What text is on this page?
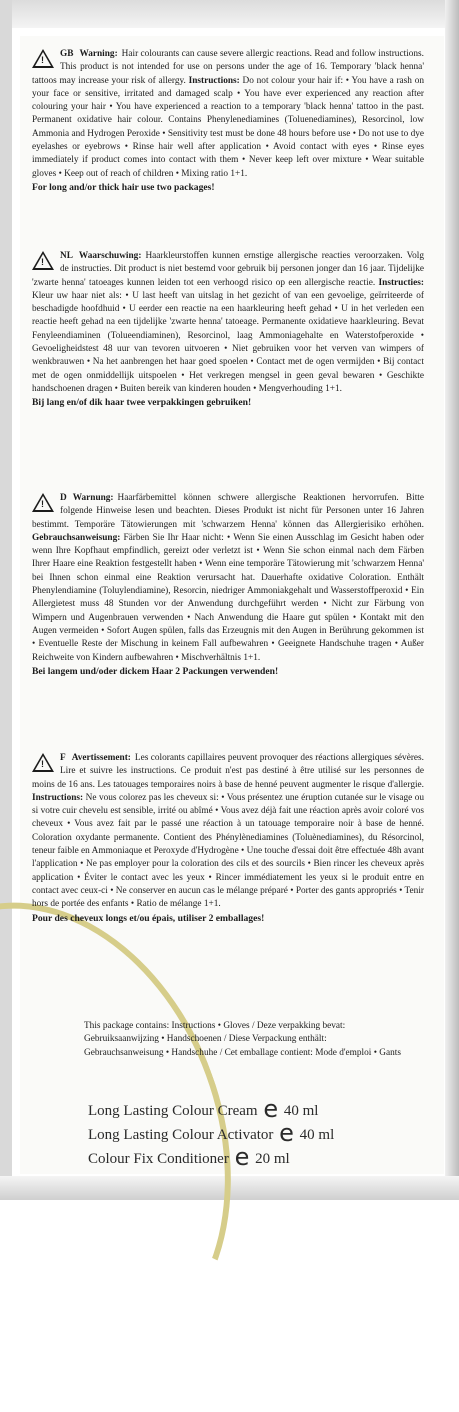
!
GB Warning: Hair colourants can cause severe allergic reactions. Read and follow instructions. This product is not intended for use on persons under the age of 16. Temporary 'black henna' tattoos may increase your risk of allergy. Instructions: Do not colour your hair if: • You have a rash on your face or sensitive, irritated and damaged scalp • You have ever experienced any reaction after colouring your hair • You have experienced a reaction to a temporary 'black henna' tattoo in the past. Permanent oxidative hair colour. Contains Phenylenediamines (Toluenediamines), Resorcinol, low Ammonia and Hydrogen Peroxide • Sensitivity test must be done 48 hours before use • Do not use to dye eyelashes or eyebrows • Rinse hair well after application • Avoid contact with eyes • Rinse eyes immediately if product comes into contact with them • Never keep left over mixture • Wear suitable gloves • Keep out of reach of children • Mixing ratio 1+1.
For long and/or thick hair use two packages!
!
NL Waarschuwing: Haarkleurstoffen kunnen ernstige allergische reacties veroorzaken. Volg de instructies. Dit product is niet bestemd voor gebruik bij personen jonger dan 16 jaar. Tijdelijke 'zwarte henna' tatoeages kunnen leiden tot een verhoogd risico op een allergische reactie. Instructies: Kleur uw haar niet als: • U last heeft van uitslag in het gezicht of van een gevoelige, geïrriteerde of beschadigde hoofdhuid • U eerder een reactie na een haarkleuring heeft gehad • U in het verleden een reactie heeft gehad na een tijdelijke 'zwarte henna' tatoeage. Permanente oxidatieve haarkleuring. Bevat Fenyleendiaminen (Tolueendiaminen), Resorcinol, laag Ammoniagehalte en Waterstofperoxide • Gevoeligheidstest 48 uur van tevoren uitvoeren • Niet gebruiken voor het verven van wimpers of wenkbrauwen • Na het aanbrengen het haar goed spoelen • Contact met de ogen vermijden • Bij contact met de ogen onmiddellijk uitspoelen • Het verkregen mengsel in geen geval bewaren • Geschikte handschoenen dragen • Buiten bereik van kinderen houden • Mengverhouding 1+1.
Bij lang en/of dik haar twee verpakkingen gebruiken!
!
D Warnung: Haarfärbemittel können schwere allergische Reaktionen hervorrufen. Bitte folgende Hinweise lesen und beachten. Dieses Produkt ist nicht für Personen unter 16 Jahren bestimmt. Temporäre Tätowierungen mit 'schwarzem Henna' können das Allergierisiko erhöhen. Gebrauchsanweisung: Färben Sie Ihr Haar nicht: • Wenn Sie einen Ausschlag im Gesicht haben oder wenn Ihre Kopfhaut empfindlich, gereizt oder verletzt ist • Wenn Sie schon einmal nach dem Färben Ihrer Haare eine Reaktion festgestellt haben • Wenn eine temporäre Tätowierung mit 'schwarzem Henna' bei Ihnen schon einmal eine Reaktion verursacht hat. Dauerhafte oxidative Coloration. Enthält Phenylendiamine (Toluylendiamine), Resorcin, niedriger Ammoniakgehalt und Wasserstoffperoxid • Ein Allergietest muss 48 Stunden vor der Anwendung durchgeführt werden • Nicht zur Färbung von Wimpern und Augenbrauen verwenden • Nach Anwendung die Haare gut spülen • Kontakt mit den Augen vermeiden • Sofort Augen spülen, falls das Erzeugnis mit den Augen in Berührung gekommen ist • Eventuelle Reste der Mischung in keinem Fall aufbewahren • Geeignete Handschuhe tragen • Außer Reichweite von Kindern aufbewahren • Mischverhältnis 1+1.
Bei langem und/oder dickem Haar 2 Packungen verwenden!
!
F Avertissement: Les colorants capillaires peuvent provoquer des réactions allergiques sévères. Lire et suivre les instructions. Ce produit n'est pas destiné à être utilisé sur les personnes de moins de 16 ans. Les tatouages temporaires noirs à base de henné peuvent augmenter le risque d'allergie. Instructions: Ne vous colorez pas les cheveux si: • Vous présentez une éruption cutanée sur le visage ou si votre cuir chevelu est sensible, irrité ou abîmé • Vous avez déjà fait une réaction après avoir coloré vos cheveux • Vous avez fait par le passé une réaction à un tatouage temporaire noir à base de henné. Coloration oxydante permanente. Contient des Phénylènediamines (Toluènediamines), du Résorcinol, teneur faible en Ammoniaque et Peroxyde d'Hydrogène • Une touche d'essai doit être effectuée 48h avant l'application • Ne pas employer pour la coloration des cils et des sourcils • Bien rincer les cheveux après application • Éviter le contact avec les yeux • Rincer immédiatement les yeux si le produit entre en contact avec ceux-ci • Ne conserver en aucun cas le mélange préparé • Porter des gants appropriés • Tenir hors de portée des enfants • Ratio de mélange 1+1.
Pour des cheveux longs et/ou épais, utiliser 2 emballages!
This package contains: Instructions • Gloves / Deze verpakking bevat: Gebruiksaanwijzing • Handschoenen / Diese Verpackung enthält: Gebrauchsanweisung • Handschuhe / Cet emballage contient: Mode d'emploi • Gants
Long Lasting Colour Cream e 40 ml
Long Lasting Colour Activator e 40 ml
Colour Fix Conditioner e 20 ml
